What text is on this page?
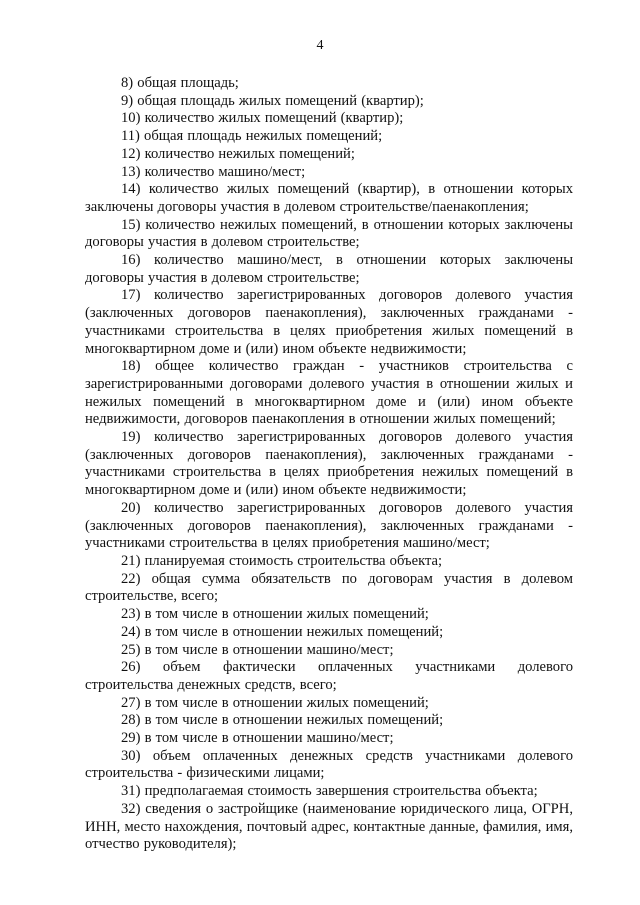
4

8) общая площадь;

9) общая площадь жилых помещений (квартир);

10) количество жилых помещений (квартир);

11) общая площадь нежилых помещений;

12) количество нежилых помещений;

13) количество машино/мест;

14) количество жилых помещений (квартир), в отношении которых заключены договоры участия в долевом строительстве/паенакопления;

15) количество нежилых помещений, в отношении которых заключены договоры участия в долевом строительстве;

16) количество машино/мест, в отношении которых заключены договоры участия в долевом строительстве;

17) количество зарегистрированных договоров долевого участия (заключенных договоров паенакопления), заключенных гражданами - участниками строительства в целях приобретения жилых помещений в многоквартирном доме и (или) ином объекте недвижимости;

18) общее количество граждан - участников строительства с зарегистрированными договорами долевого участия в отношении жилых и нежилых помещений в многоквартирном доме и (или) ином объекте недвижимости, договоров паенакопления в отношении жилых помещений;

19) количество зарегистрированных договоров долевого участия (заключенных договоров паенакопления), заключенных гражданами - участниками строительства в целях приобретения нежилых помещений в многоквартирном доме и (или) ином объекте недвижимости;

20) количество зарегистрированных договоров долевого участия (заключенных договоров паенакопления), заключенных гражданами - участниками строительства в целях приобретения машино/мест;

21) планируемая стоимость строительства объекта;

22) общая сумма обязательств по договорам участия в долевом строительстве, всего;

23) в том числе в отношении жилых помещений;

24) в том числе в отношении нежилых помещений;

25) в том числе в отношении машино/мест;

26) объем фактически оплаченных участниками долевого строительства денежных средств, всего;

27) в том числе в отношении жилых помещений;

28) в том числе в отношении нежилых помещений;

29) в том числе в отношении машино/мест;

30) объем оплаченных денежных средств участниками долевого строительства - физическими лицами;

31) предполагаемая стоимость завершения строительства объекта;

32) сведения о застройщике (наименование юридического лица, ОГРН, ИНН, место нахождения, почтовый адрес, контактные данные, фамилия, имя, отчество руководителя);
